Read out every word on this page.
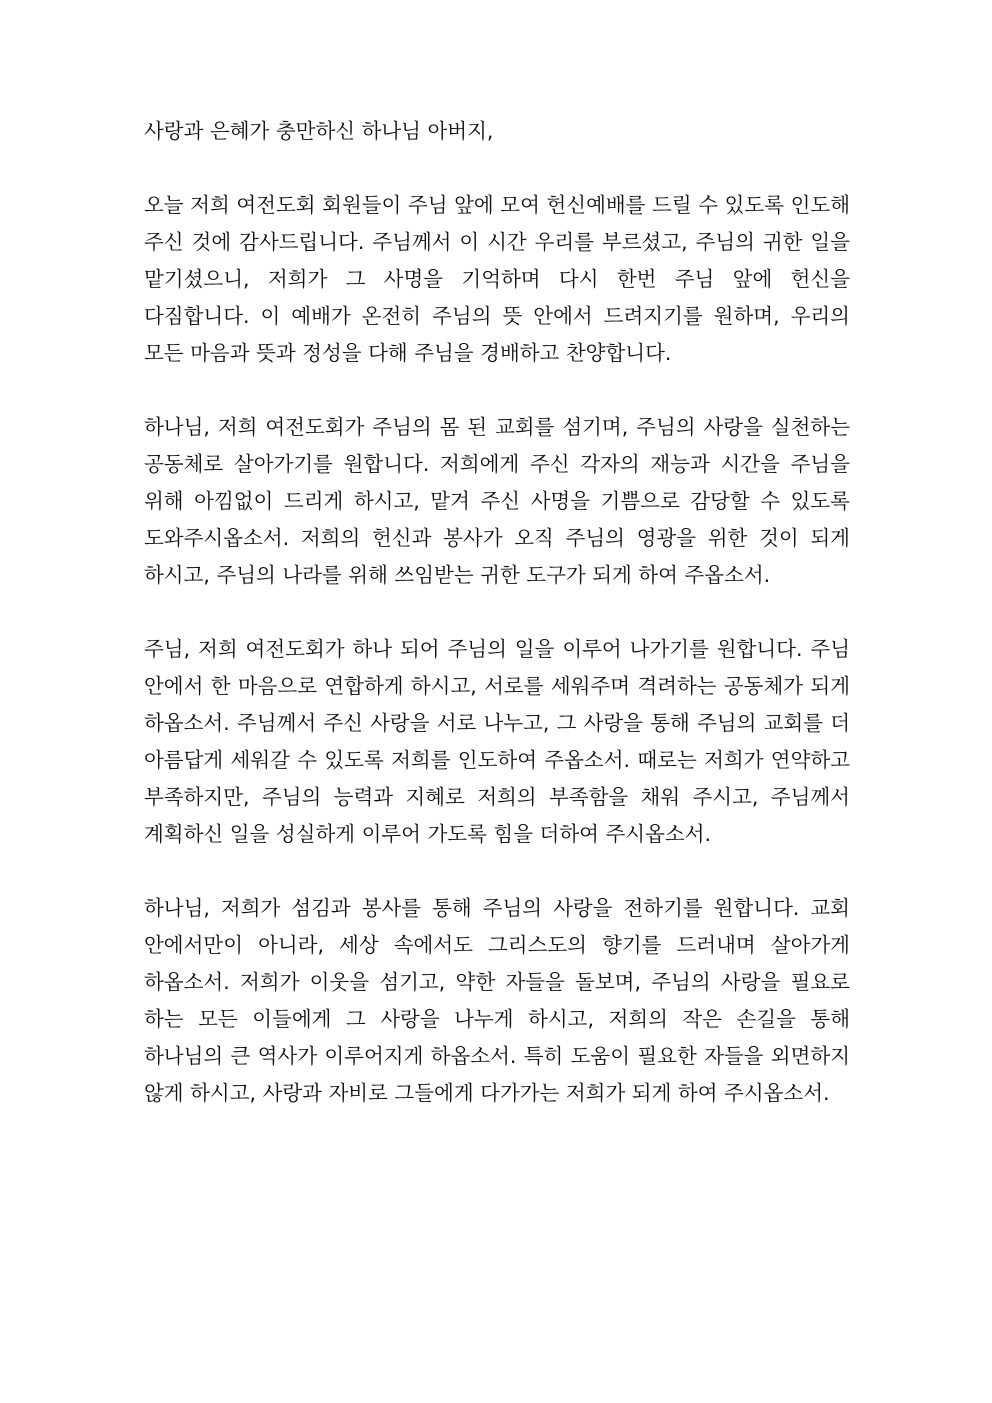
사랑과 은혜가 충만하신 하나님 아버지,

오늘 저희 여전도회 회원들이 주님 앞에 모여 헌신예배를 드릴 수 있도록 인도해 주신 것에 감사드립니다. 주님께서 이 시간 우리를 부르셨고, 주님의 귀한 일을 맡기셨으니, 저희가 그 사명을 기억하며 다시 한번 주님 앞에 헌신을 다짐합니다. 이 예배가 온전히 주님의 뜻 안에서 드려지기를 원하며, 우리의 모든 마음과 뜻과 정성을 다해 주님을 경배하고 찬양합니다.

하나님, 저희 여전도회가 주님의 몸 된 교회를 섬기며, 주님의 사랑을 실천하는 공동체로 살아가기를 원합니다. 저희에게 주신 각자의 재능과 시간을 주님을 위해 아낌없이 드리게 하시고, 맡겨 주신 사명을 기쁨으로 감당할 수 있도록 도와주시옵소서. 저희의 헌신과 봉사가 오직 주님의 영광을 위한 것이 되게 하시고, 주님의 나라를 위해 쓰임받는 귀한 도구가 되게 하여 주옵소서.

주님, 저희 여전도회가 하나 되어 주님의 일을 이루어 나가기를 원합니다. 주님 안에서 한 마음으로 연합하게 하시고, 서로를 세워주며 격려하는 공동체가 되게 하옵소서. 주님께서 주신 사랑을 서로 나누고, 그 사랑을 통해 주님의 교회를 더 아름답게 세워갈 수 있도록 저희를 인도하여 주옵소서. 때로는 저희가 연약하고 부족하지만, 주님의 능력과 지혜로 저희의 부족함을 채워 주시고, 주님께서 계획하신 일을 성실하게 이루어 가도록 힘을 더하여 주시옵소서.

하나님, 저희가 섬김과 봉사를 통해 주님의 사랑을 전하기를 원합니다. 교회 안에서만이 아니라, 세상 속에서도 그리스도의 향기를 드러내며 살아가게 하옵소서. 저희가 이웃을 섬기고, 약한 자들을 돌보며, 주님의 사랑을 필요로 하는 모든 이들에게 그 사랑을 나누게 하시고, 저희의 작은 손길을 통해 하나님의 큰 역사가 이루어지게 하옵소서. 특히 도움이 필요한 자들을 외면하지 않게 하시고, 사랑과 자비로 그들에게 다가가는 저희가 되게 하여 주시옵소서.
